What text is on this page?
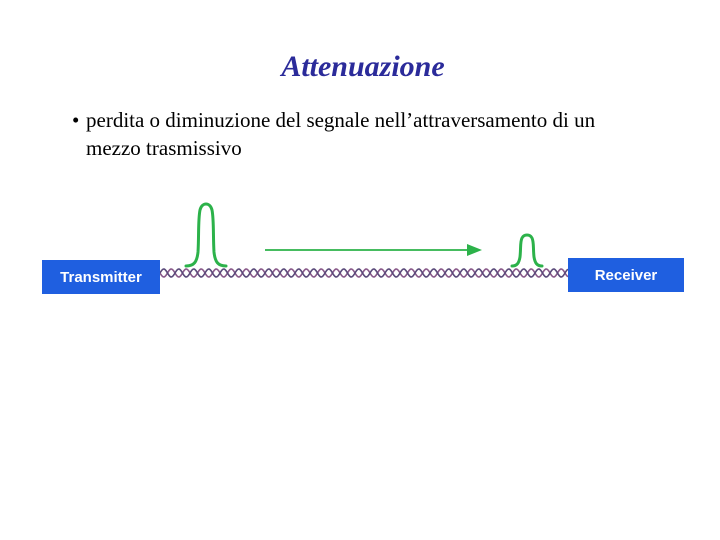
Attenuazione
• perdita o diminuzione del segnale nell’attraversamento di un
mezzo trasmissivo
Transmitter	Receiver
